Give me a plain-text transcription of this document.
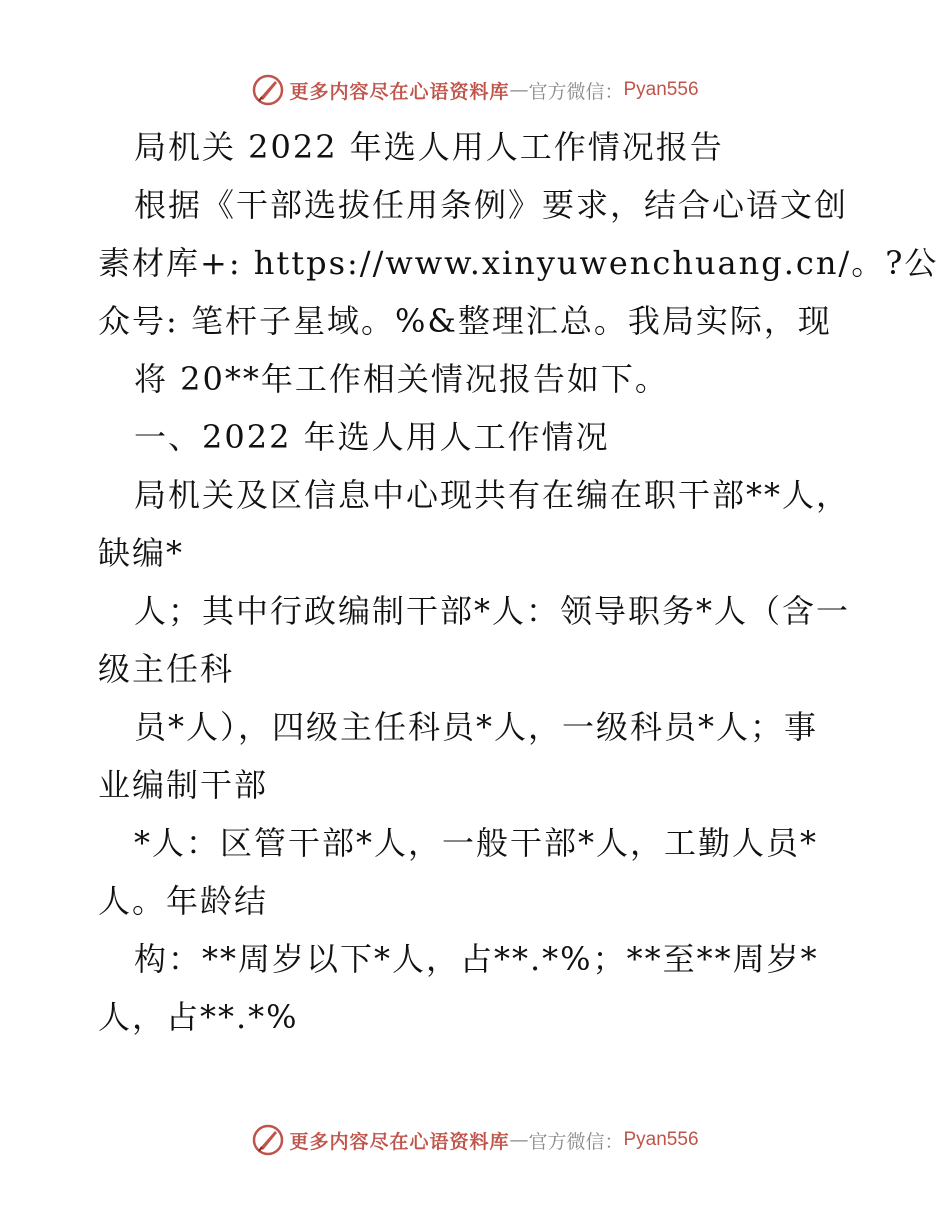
更多内容尽在心语资料库 — 官方微信： Pyan556
局机关 2022 年选人用人工作情况报告
根据《干部选拔任用条例》要求，结合心语文创
素材库+: https://www.xinyuwenchuang.cn/。?公
众号: 笔杆子星域。%&整理汇总。我局实际，现
将 20**年工作相关情况报告如下。
一、2022 年选人用人工作情况
局机关及区信息中心现共有在编在职干部**人，
缺编*
人；其中行政编制干部*人：领导职务*人（含一
级主任科
员*人），四级主任科员*人，一级科员*人；事
业编制干部
*人：区管干部*人，一般干部*人，工勤人员*
人。年龄结
构：**周岁以下*人，占**.*%；**至**周岁*
人，占**.*%
更多内容尽在心语资料库 — 官方微信： Pyan556
